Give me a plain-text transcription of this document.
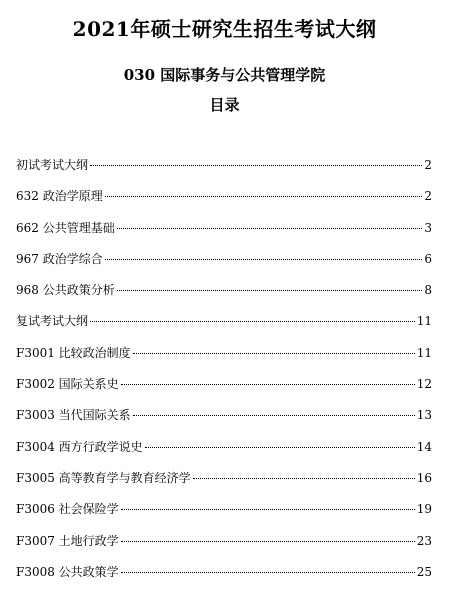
2021年硕士研究生招生考试大纲
030 国际事务与公共管理学院
目录
初试考试大纲	2
632 政治学原理	2
662 公共管理基础	3
967 政治学综合	6
968 公共政策分析	8
复试考试大纲	11
F3001 比较政治制度	11
F3002 国际关系史	12
F3003 当代国际关系	13
F3004 西方行政学说史	14
F3005 高等教育学与教育经济学	16
F3006 社会保险学	19
F3007 土地行政学	23
F3008 公共政策学	25
